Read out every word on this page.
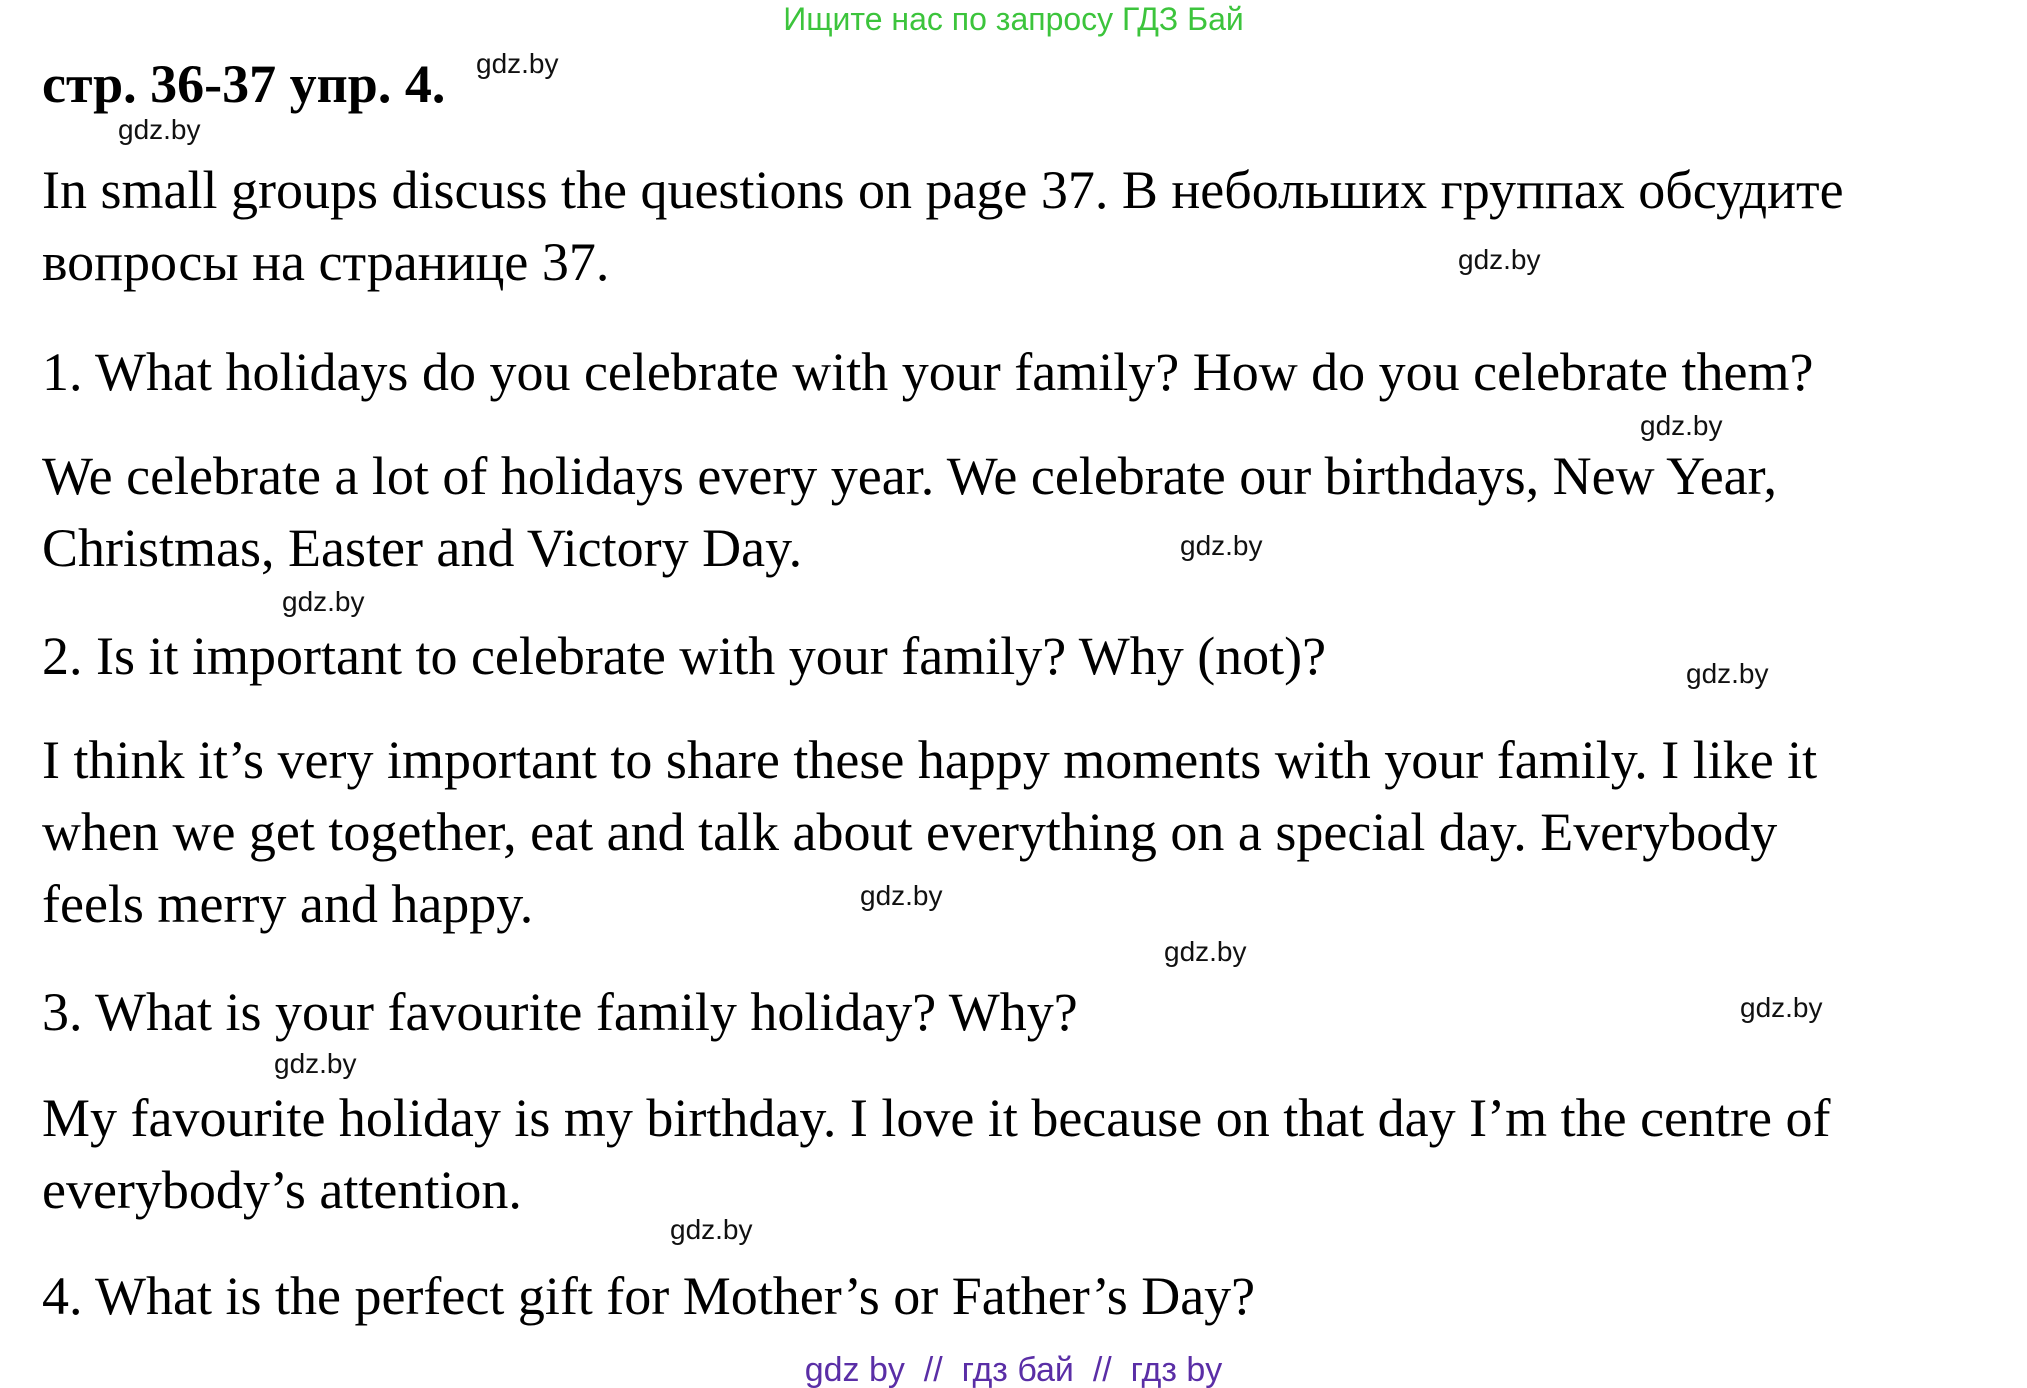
Ищите нас по запросу ГДЗ Бай
стр. 36-37 упр. 4.
In small groups discuss the questions on page 37. В небольших группах обсудите
вопросы на странице 37.
1. What holidays do you celebrate with your family? How do you celebrate them?
We celebrate a lot of holidays every year. We celebrate our birthdays, New Year,
Christmas, Easter and Victory Day.
2. Is it important to celebrate with your family? Why (not)?
I think it’s very important to share these happy moments with your family. I like it
when we get together, eat and talk about everything on a special day. Everybody
feels merry and happy.
3. What is your favourite family holiday? Why?
My favourite holiday is my birthday. I love it because on that day I’m the centre of
everybody’s attention.
4. What is the perfect gift for Mother’s or Father’s Day?
gdz.by
gdz.by
gdz.by
gdz.by
gdz.by
gdz.by
gdz.by
gdz.by
gdz.by
gdz.by
gdz.by
gdz.by
gdz by  //  гдз бай  //  гдз by
